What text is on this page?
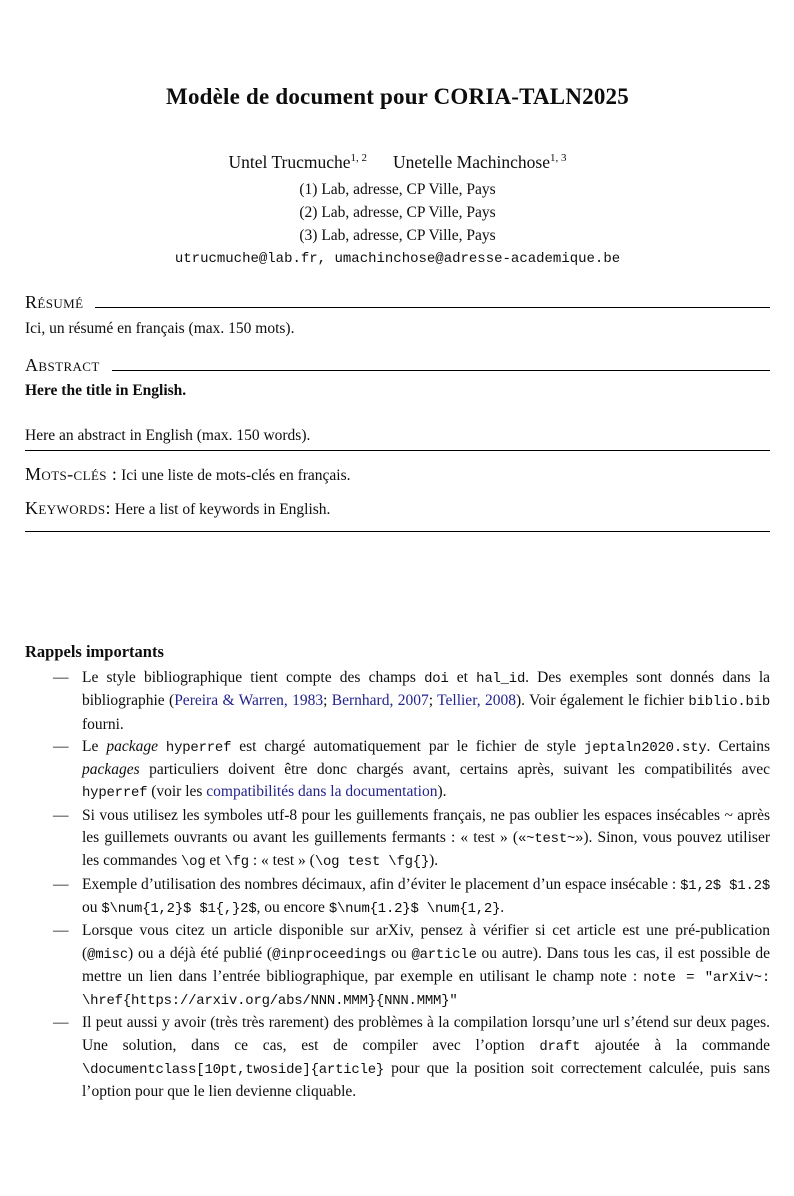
Modèle de document pour CORIA-TALN2025
Untel Trucmuche$^{1, 2}$ Unetelle Machinchose$^{1, 3}$
(1) Lab, adresse, CP Ville, Pays
(2) Lab, adresse, CP Ville, Pays
(3) Lab, adresse, CP Ville, Pays
utrucmuche@lab.fr, umachinchose@adresse-academique.be
Résumé

Ici, un résumé en français (max. 150 mots).

Abstract

Here the title in English.

Here an abstract in English (max. 150 words).

Mots-clés : Ici une liste de mots-clés en français.

Keywords: Here a list of keywords in English.

Rappels importants
— Le style bibliographique tient compte des champs doi et hal_id. Des exemples sont donnés dans la bibliographie (Pereira & Warren, 1983; Bernhard, 2007; Tellier, 2008). Voir également le fichier biblio.bib fourni.
— Le package hyperref est chargé automatiquement par le fichier de style jeptaln2020.sty. Certains packages particuliers doivent être donc chargés avant, certains après, suivant les compatibilités avec hyperref (voir les compatibilités dans la documentation).
— Si vous utilisez les symboles utf-8 pour les guillements français, ne pas oublier les espaces insécables ~ après les guillemets ouvrants ou avant les guillements fermants : « test » («~test~»). Sinon, vous pouvez utiliser les commandes \og et \fg : « test » (\og test \fg{}).
— Exemple d’utilisation des nombres décimaux, afin d’éviter le placement d’un espace insécable : $1,2$ $1.2$ ou $\num{1,2}$ $1{,}2$, ou encore $\num{1.2}$ \num{1,2}.
— Lorsque vous citez un article disponible sur arXiv, pensez à vérifier si cet article est une pré-publication (@misc) ou a déjà été publié (@inproceedings ou @article ou autre). Dans tous les cas, il est possible de mettre un lien dans l’entrée bibliographique, par exemple en utilisant le champ note : note = "arXiv~: \href{https://arxiv.org/abs/NNN.MMM}{NNN.MMM}"
— Il peut aussi y avoir (très très rarement) des problèmes à la compilation lorsqu’une url s’étend sur deux pages. Une solution, dans ce cas, est de compiler avec l’option draft ajoutée à la commande \documentclass[10pt,twoside]{article} pour que la position soit correctement calculée, puis sans l’option pour que le lien devienne cliquable.
